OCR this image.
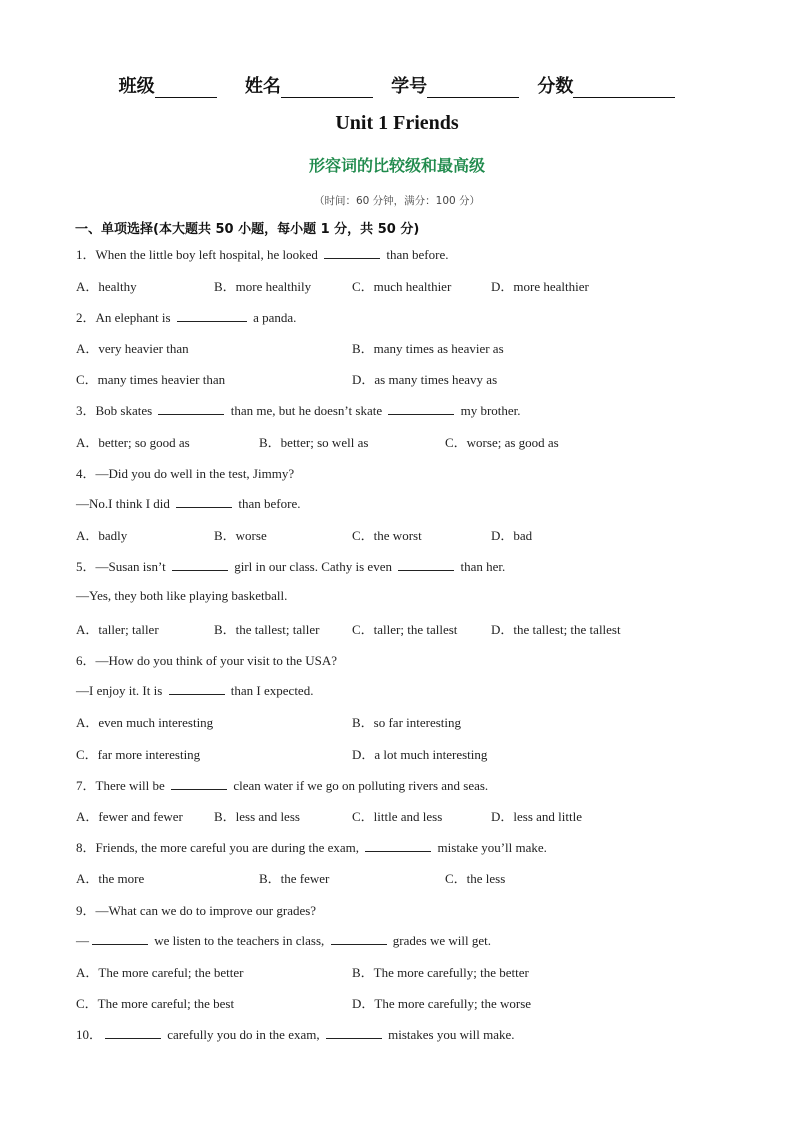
班级	姓名	学号	分数
Unit 1 Friends
形容词的比较级和最高级
（时间：60 分钟，满分：100 分）
一、单项选择(本大题共 50 小题，每小题 1 分，共 50 分)
1．When the little boy left hospital, he looked	than before.
A．healthy	B．more healthily	C．much healthier	D．more healthier
2．An elephant is	a panda.
A．very heavier than	B．many times as heavier as
C．many times heavier than	D．as many times heavy as
3．Bob skates	than me, but he doesn’t skate	my brother.
A．better; so good as	B．better; so well as	C．worse; as good as
4．—Did you do well in the test, Jimmy?
—No.I think I did	than before.
A．badly	B．worse	C．the worst	D．bad
5．—Susan isn’t	girl in our class. Cathy is even	than her.
—Yes, they both like playing basketball.
A．taller; taller	B．the tallest; taller	C．taller; the tallest	D．the tallest; the tallest
6．—How do you think of your visit to the USA?
—I enjoy it. It is	than I expected.
A．even much interesting	B．so far interesting
C．far more interesting	D．a lot much interesting
7．There will be	clean water if we go on polluting rivers and seas.
A．fewer and fewer B．less and less	C．little and less	D．less and little
8．Friends, the more careful you are during the exam,	mistake you’ll make.
A．the more	B．the fewer	C．the less
9．—What can we do to improve our grades?
—	we listen to the teachers in class,	grades we will get.
A．The more careful; the better	B．The more carefully; the better
C．The more careful; the best	D．The more carefully; the worse
10．	carefully you do in the exam,	mistakes you will make.
